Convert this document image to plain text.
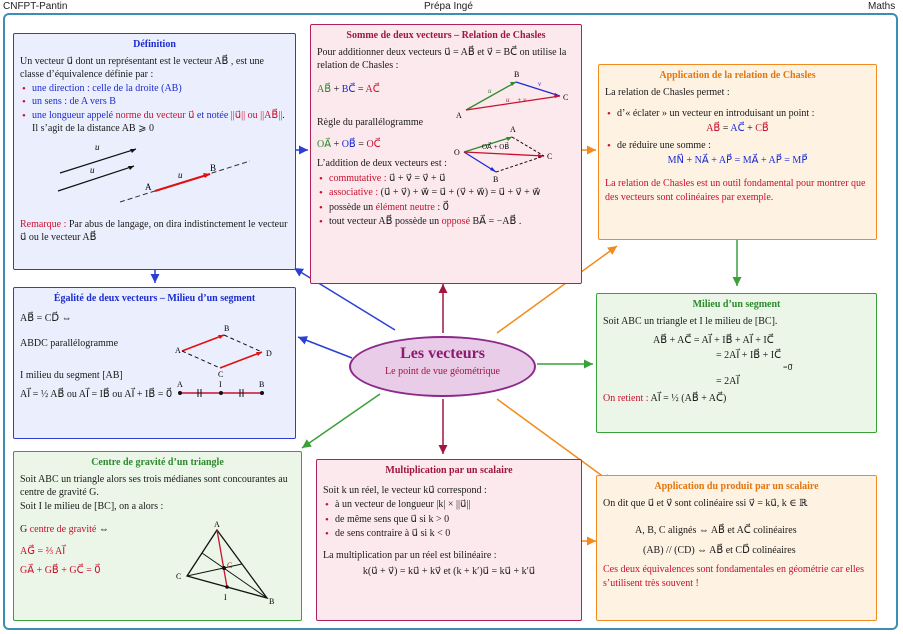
CNFPT-Pantin	Prépa Ingé	Maths
Définition
Un vecteur u⃗ dont un représentant est le vecteur AB⃗ , est une classe d’équivalence définie par :
• une direction : celle de la droite (AB)
• un sens : de A vers B
• une longueur appelé norme du vecteur u⃗ et notée ||u⃗|| ou ||AB⃗||. Il s’agit de la distance AB ⩾ 0
u⃗
u⃗
A
B
u⃗
Remarque : Par abus de langage, on dira indistinctement le vecteur u⃗ ou le vecteur AB⃗
Somme de deux vecteurs – Relation de Chasles
Pour additionner deux vecteurs u⃗ = AB⃗ et v⃗ = BC⃗ on utilise la relation de Chasles :
AB⃗ + BC⃗ = AC⃗
Règle du parallélogramme
OA⃗ + OB⃗ = OC⃗
L’addition de deux vecteurs est :
• commutative : u⃗ + v⃗ = v⃗ + u⃗
• associative : (u⃗ + v⃗) + w⃗ = u⃗ + (v⃗ + w⃗) = u⃗ + v⃗ + w⃗
• possède un élément neutre : 0⃗
• tout vecteur AB⃗ possède un opposé BA⃗ = −AB⃗ .
A
B
C
u⃗
v⃗
u⃗ + v⃗
O
A
B
C
OA⃗ + OB⃗
Application de la relation de Chasles
La relation de Chasles permet :
• d’« éclater » un vecteur en introduisant un point :
AB⃗ = AC⃗ + CB⃗
• de réduire une somme :
MN⃗ + NA⃗ + AP⃗ = MA⃗ + AP⃗ = MP⃗
La relation de Chasles est un outil fondamental pour montrer que des vecteurs sont colinéaires par exemple.
Égalité de deux vecteurs – Milieu d’un segment
AB⃗ = CD⃗ ⇔
ABDC parallélogramme
I milieu du segment [AB]
AI⃗ = ½ AB⃗ ou AI⃗ = IB⃗ ou AI⃗ + IB⃗ = 0⃗
A
B
C
D
A	I	B
Les vecteurs
Le point de vue géométrique
Milieu d’un segment
Soit ABC un triangle et I le milieu de [BC].
AB⃗ + AC⃗ = AI⃗ + IB⃗ + AI⃗ + IC⃗
= 2AI⃗ + IB⃗ + IC⃗
=0⃗
= 2AI⃗
On retient : AI⃗ = ½ (AB⃗ + AC⃗)
Centre de gravité d’un triangle
Soit ABC un triangle alors ses trois médianes sont concourantes au centre de gravité G.
Soit I le milieu de [BC], on a alors :
G centre de gravité ⇔
AG⃗ = ⅔ AI⃗
GA⃗ + GB⃗ + GC⃗ = 0⃗
A
C
B
G
I
Multiplication par un scalaire
Soit k un réel, le vecteur ku⃗ correspond :
• à un vecteur de longueur |k| × ||u⃗||
• de même sens que u⃗ si k > 0
• de sens contraire à u⃗ si k < 0
La multiplication par un réel est bilinéaire :
k(u⃗ + v⃗) = ku⃗ + kv⃗ et (k + k′)u⃗ = ku⃗ + k′u⃗
Application du produit par un scalaire
On dit que u⃗ et v⃗ sont colinéaire ssi v⃗ = ku⃗, k ∈ ℝ
A, B, C alignés ⇔ AB⃗ et AC⃗ colinéaires
(AB) // (CD) ⇔ AB⃗ et CD⃗ colinéaires
Ces deux équivalences sont fondamentales en géométrie car elles s’utilisent très souvent !
